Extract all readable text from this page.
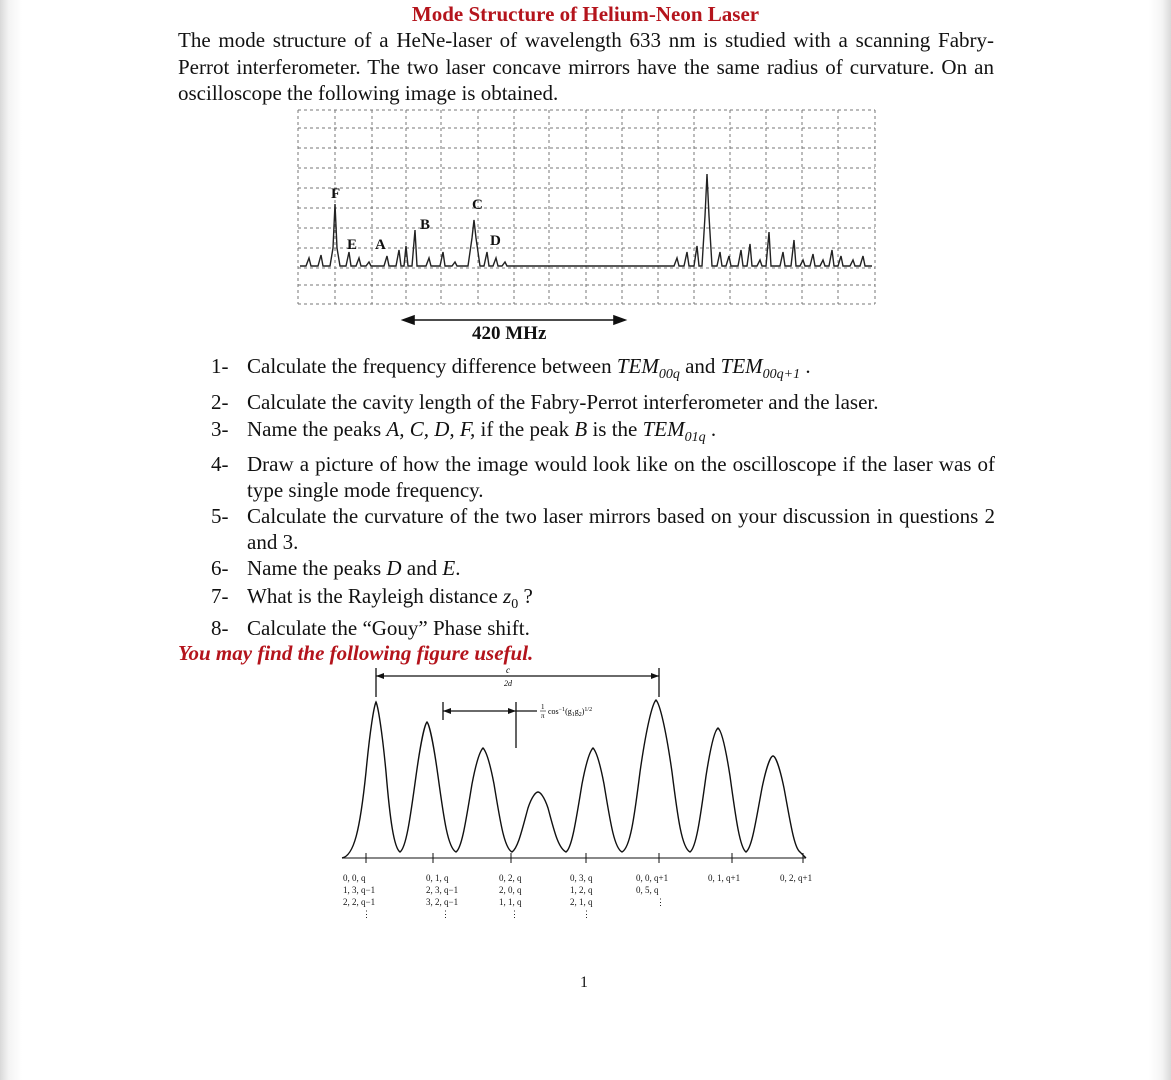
Mode Structure of Helium-Neon Laser
The mode structure of a HeNe-laser of wavelength 633 nm is studied with a scanning Fabry-Perrot interferometer. The two laser concave mirrors have the same radius of curvature. On an oscilloscope the following image is obtained.
F
C
B
E A	D
420 MHz
1- Calculate the frequency difference between $TEM_{00q}$ and $TEM_{00q+1}$ .
2- Calculate the cavity length of the Fabry-Perrot interferometer and the laser.
3- Name the peaks A, C, D, F, if the peak B is the $TEM_{01q}$ .
4- Draw a picture of how the image would look like on the oscilloscope if the laser was of type single mode frequency.
5- Calculate the curvature of the two laser mirrors based on your discussion in questions 2 and 3.
6- Name the peaks D and E.
7- What is the Rayleigh distance $z_0$ ?
8- Calculate the “Gouy” Phase shift.
You may find the following figure useful.
c
2d
1
π $\cos^{-1}(g_1g_2)^{1/2}$
0, 0, q
1, 3, q−1
2, 2, q−1
⋮
0, 1, q
2, 3, q−1
3, 2, q−1
⋮
0, 2, q
2, 0, q
1, 1, q
⋮
0, 3, q
1, 2, q
2, 1, q
⋮
0, 0, q+1
0, 5, q
⋮
0, 1, q+1	0, 2, q+1
1
